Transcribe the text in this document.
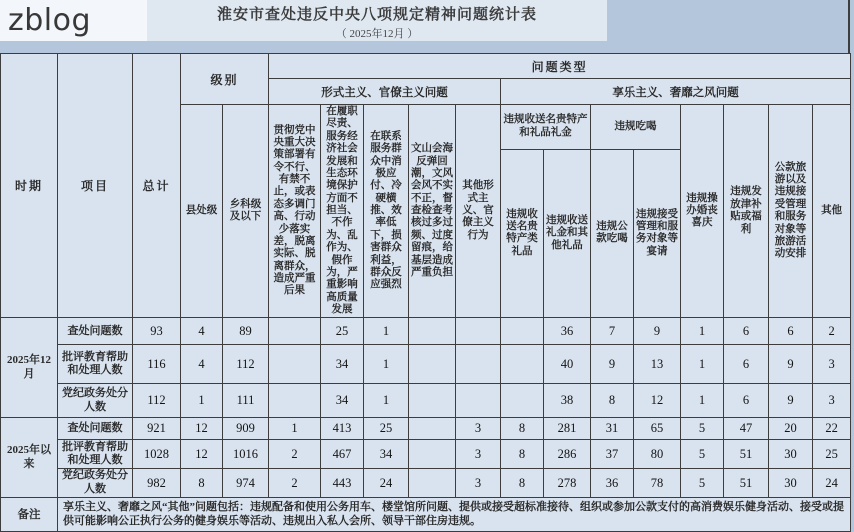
zblog	淮安市查处违反中央八项规定精神问题统计表
（ 2025年12月 ）
时期	项目	总计	级别		问题类型												
					形式主义、官僚主义问题					享乐主义、奢靡之风问题							
			县处级	乡科级及以下	贯彻党中央重大决策部署有令不行、有禁不止，或表态多调门高、行动少落实差，脱离实际、脱离群众，造成严重后果	在履职尽责、服务经济社会发展和生态环境保护方面不担当、不作为、乱作为、假作为，严重影响高质量发展	在联系服务群众中消极应付、冷硬横推、效率低下，损害群众利益，群众反应强烈	文山会海反弹回潮，文风会风不实不正，督查检查考核过多过频、过度留痕，给基层造成严重负担	其他形式主义、官僚主义行为	违规收送名贵特产和礼品礼金		违规吃喝		违规操办婚丧喜庆	违规发放津补贴或福利	公款旅游以及违规接受管理和服务对象等旅游活动安排	其他
										违规收送名贵特产类礼品	违规收送礼金和其他礼品	违规公款吃喝	违规接受管理和服务对象等宴请				
2025年12月	查处问题数	93	4	89		25	1				36	7	9	1	6	6	2
	批评教育帮助和处理人数	116	4	112		34	1				40	9	13	1	6	9	3
	党纪政务处分人数	112	1	111		34	1				38	8	12	1	6	9	3
2025年以来	查处问题数	921	12	909	1	413	25		3	8	281	31	65	5	47	20	22
	批评教育帮助和处理人数	1028	12	1016	2	467	34		3	8	286	37	80	5	51	30	25
	党纪政务处分人数	982	8	974	2	443	24		3	8	278	36	78	5	51	30	24
备注	享乐主义、奢靡之风“其他”问题包括：违规配备和使用公务用车、楼堂馆所问题、提供或接受超标准接待、组织或参加公款支付的高消费娱乐健身活动、接受或提供可能影响公正执行公务的健身娱乐等活动、违规出入私人会所、领导干部住房违规。																
